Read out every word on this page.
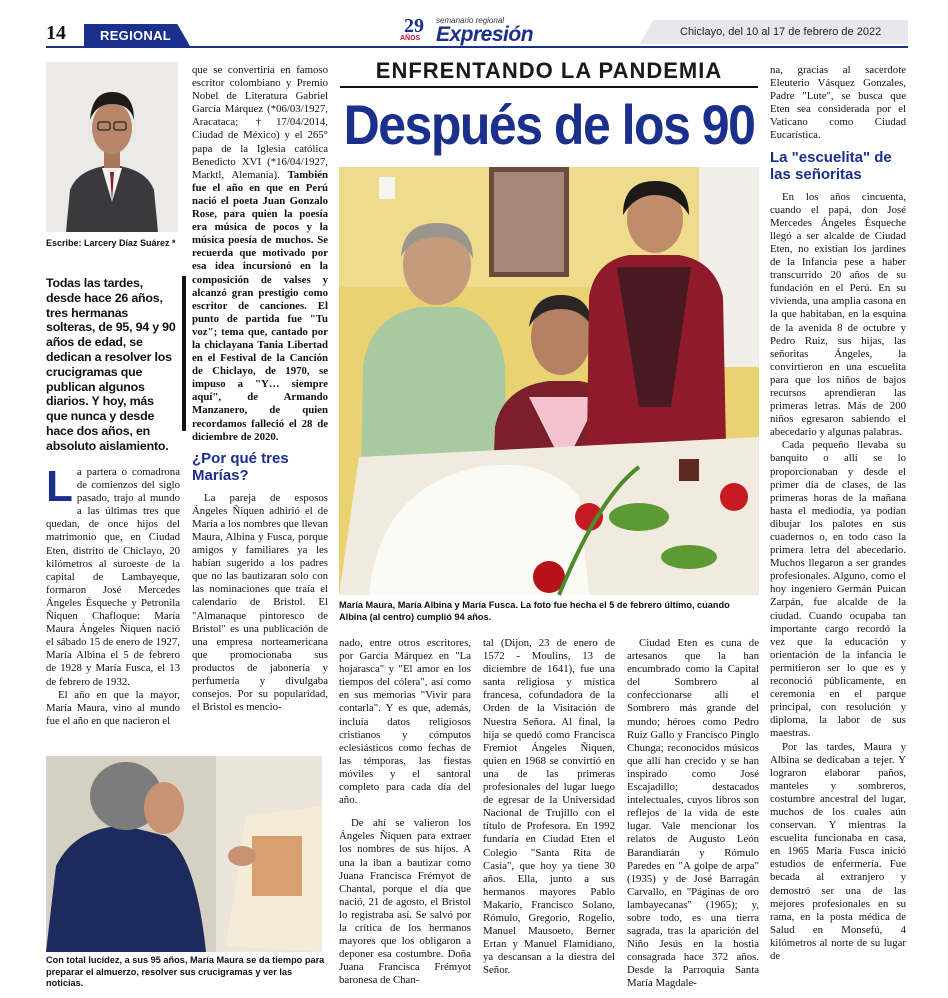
14	REGIONAL	29
AÑOS
semanario regional
Expresión	Chiclayo, del 10 al 17 de febrero de 2022
Escribe: Larcery Díaz Suárez *
Todas las tardes, desde hace 26 años, tres hermanas solteras, de 95, 94 y 90 años de edad, se dedican a resolver los crucigramas que publican algunos diarios. Y hoy, más que nunca y desde hace dos años, en absoluto aislamiento.
ENFRENTANDO LA PANDEMIA
Después de los 90
María Maura, María Albina y María Fusca. La foto fue hecha el 5 de febrero último, cuando Albina (al centro) cumplió 94 años.
Con total lucidez, a sus 95 años, María Maura se da tiempo para preparar el almuerzo, resolver sus crucigramas y ver las noticias.

La partera o comadrona de comienzos del siglo pasado, trajo al mundo a las últimas tres que quedan, de once hijos del matrimonio que, en Ciudad Eten, distrito de Chiclayo, 20 kilómetros al suroeste de la capital de Lambayeque, formaron José Mercedes Ángeles Ésqueche y Petronila Ñiquen Chafloque: María Maura Ángeles Ñiquen nació el sábado 15 de enero de 1927, María Albina el 5 de febrero de 1928 y María Fusca, el 13 de febrero de 1932.

El año en que la mayor, María Maura, vino al mundo fue el año en que nacieron el

que se convertiría en famoso escritor colombiano y Premio Nobel de Literatura Gabriel García Márquez (*06/03/1927, Aracataca; †17/04/2014, Ciudad de México) y el 265° papa de la Iglesia católica Benedicto XVI (*16/04/1927, Marktl, Alemania). También fue el año en que en Perú nació el poeta Juan Gonzalo Rose, para quien la poesía era música de pocos y la música poesía de muchos. Se recuerda que motivado por esa idea incursionó en la composición de valses y alcanzó gran prestigio como escritor de canciones. El punto de partida fue "Tu voz"; tema que, cantado por la chiclayana Tania Libertad en el Festival de la Canción de Chiclayo, de 1970, se impuso a "Y… siempre aquí", de Armando Manzanero, de quien recordamos falleció el 28 de diciembre de 2020.

¿Por qué tres Marías?

La pareja de esposos Ángeles Ñiquen adhirió el de María a los nombres que llevan Maura, Albina y Fusca, porque amigos y familiares ya les habían sugerido a los padres que no las bautizaran solo con las nominaciones que traía el calendario de Bristol. El "Almanaque pintoresco de Bristol" es una publicación de una empresa norteamericana que promocionaba sus productos de jabonería y perfumería y divulgaba consejos. Por su popularidad, el Bristol es mencio-

nado, entre otros escritores, por García Márquez en "La hojarasca" y "El amor en los tiempos del cólera", así como en sus memorias "Vivir para contarla". Y es que, además, incluía datos religiosos cristianos y cómputos eclesiásticos como fechas de las témporas, las fiestas móviles y el santoral completo para cada día del año.

De ahí se valieron los Ángeles Ñiquen para extraer los nombres de sus hijos. A una la iban a bautizar como Juana Francisca Frémyot de Chantal, porque el día que nació, 21 de agosto, el Bristol lo registraba así. Se salvó por la crítica de los hermanos mayores que los obligaron a deponer esa costumbre. Doña Juana Francisca Frémyot baronesa de Chan-

tal (Dijon, 23 de enero de 1572 - Moulins, 13 de diciembre de 1641), fue una santa religiosa y mística francesa, cofundadora de la Orden de la Visitación de Nuestra Señora. Al final, la hija se quedó como Francisca Fremiot Ángeles Ñiquen, quien en 1968 se convirtió en una de las primeras profesionales del lugar luego de egresar de la Universidad Nacional de Trujillo con el título de Profesora. En 1992 fundaría en Ciudad Eten el Colegio "Santa Rita de Casia", que hoy ya tiene 30 años. Ella, junto a sus hermanos mayores Pablo Makario, Francisco Solano, Rómulo, Gregorio, Rogelio, Manuel Mausoeto, Berner Ertan y Manuel Flamidiano, ya descansan a la diestra del Señor.

Ciudad Eten es cuna de artesanos que la han encumbrado como la Capital del Sombrero al confeccionarse allí el Sombrero más grande del mundo; héroes como Pedro Ruiz Gallo y Francisco Pinglo Chunga; reconocidos músicos que allí han crecido y se han inspirado como José Escajadillo; destacados intelectuales, cuyos libros son reflejos de la vida de este lugar. Vale mencionar los relatos de Augusto León Barandiarán y Rómulo Paredes en "A golpe de arpa" (1935) y de José Barragán Carvallo, en "Páginas de oro lambayecanas" (1965); y, sobre todo, es una tierra sagrada, tras la aparición del Niño Jesús en la hostia consagrada hace 372 años. Desde la Parroquia Santa María Magdale-

na, gracias al sacerdote Eleuterio Vásquez Gonzales, Padre "Lute", se busca que Eten sea considerada por el Vaticano como Ciudad Eucarística.

La "escuelita" de las señoritas

En los años cincuenta, cuando el papá, don José Mercedes Ángeles Ésqueche llegó a ser alcalde de Ciudad Eten, no existían los jardines de la Infancia pese a haber transcurrido 20 años de su fundación en el Perú. En su vivienda, una amplia casona en la que habitaban, en la esquina de la avenida 8 de octubre y Pedro Ruiz, sus hijas, las señoritas Ángeles, la convirtieron en una escuelita para que los niños de bajos recursos aprendieran las primeras letras. Más de 200 niños egresaron sabiendo el abecedario y algunas palabras.

Cada pequeño llevaba su banquito o allí se lo proporcionaban y desde el primer día de clases, de las primeras horas de la mañana hasta el mediodía, ya podían dibujar los palotes en sus cuadernos o, en todo caso la primera letra del abecedario. Muchos llegaron a ser grandes profesionales. Alguno, como el hoy ingeniero Germán Puican Zarpán, fue alcalde de la ciudad. Cuando ocupaba tan importante cargo recordó la vez que la educación y orientación de la infancia le permitieron ser lo que es y reconoció públicamente, en ceremonia en el parque principal, con resolución y diploma, la labor de sus maestras.

Por las tardes, Maura y Albina se dedicaban a tejer. Y lograron elaborar paños, manteles y sombreros, costumbre ancestral del lugar, muchos de los cuales aún conservan. Y mientras la escuelita funcionaba en casa, en 1965 María Fusca inició estudios de enfermería. Fue becada al extranjero y demostró ser una de las mejores profesionales en su rama, en la posta médica de Salud en Monsefú, 4 kilómetros al norte de su lugar de
